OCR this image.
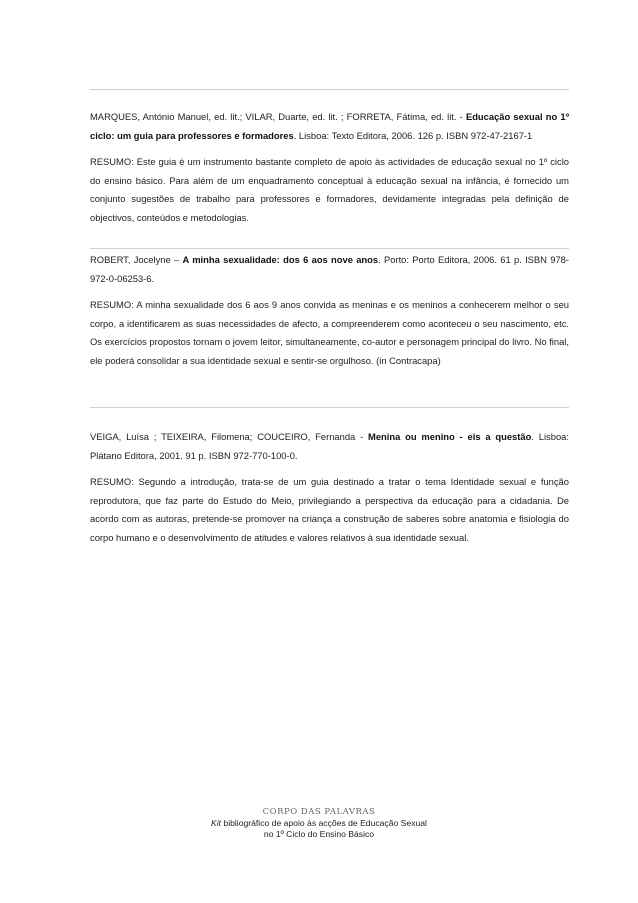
MARQUES, António Manuel, ed. lit.; VILAR, Duarte, ed. lit. ; FORRETA, Fátima, ed. lit. - Educação sexual no 1º ciclo: um guia para professores e formadores. Lisboa: Texto Editora, 2006. 126 p. ISBN 972-47-2167-1

RESUMO: Este guia é um instrumento bastante completo de apoio às actividades de educação sexual no 1º ciclo do ensino básico. Para além de um enquadramento conceptual à educação sexual na infância, é fornecido um conjunto sugestões de trabalho para professores e formadores, devidamente integradas pela definição de objectivos, conteúdos e metodologias.

ROBERT, Jocelyne – A minha sexualidade: dos 6 aos nove anos. Porto: Porto Editora, 2006. 61 p. ISBN 978-972-0-06253-6.

RESUMO: A minha sexualidade dos 6 aos 9 anos convida as meninas e os meninos a conhecerem melhor o seu corpo, a identificarem as suas necessidades de afecto, a compreenderem como aconteceu o seu nascimento, etc. Os exercícios propostos tornam o jovem leitor, simultaneamente, co-autor e personagem principal do livro. No final, ele poderá consolidar a sua identidade sexual e sentir-se orgulhoso. (in Contracapa)

VEIGA, Luísa ; TEIXEIRA, Filomena; COUCEIRO, Fernanda - Menina ou menino - eis a questão. Lisboa: Plátano Editora, 2001. 91 p. ISBN 972-770-100-0.

RESUMO: Segundo a introdução, trata-se de um guia destinado a tratar o tema Identidade sexual e função reprodutora, que faz parte do Estudo do Meio, privilegiando a perspectiva da educação para a cidadania. De acordo com as autoras, pretende-se promover na criança a construção de saberes sobre anatomia e fisiologia do corpo humano e o desenvolvimento de atitudes e valores relativos à sua identidade sexual.

CORPO DAS PALAVRAS
Kit bibliográfico de apoio às acções de Educação Sexual
no 1º Ciclo do Ensino Básico
